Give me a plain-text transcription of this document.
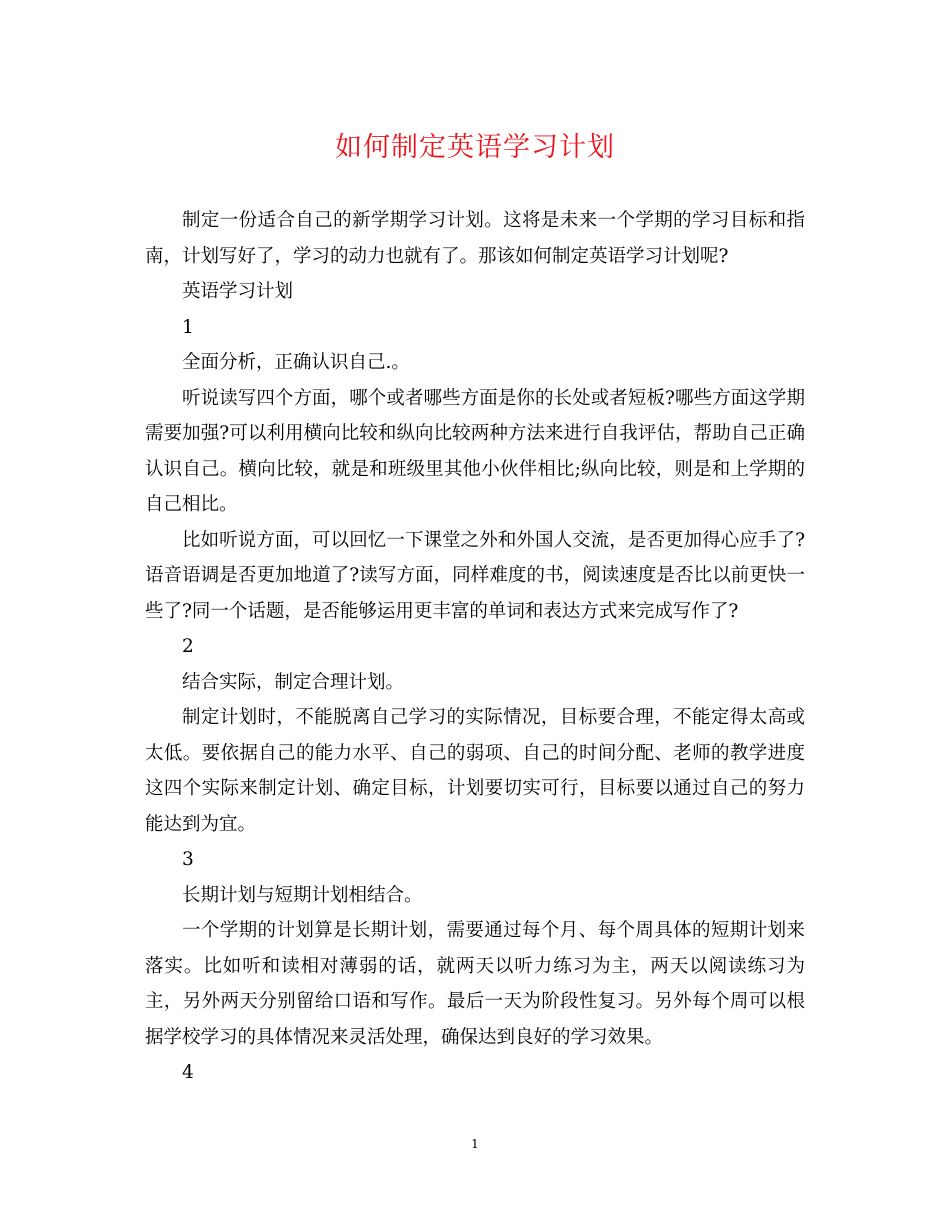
如何制定英语学习计划

制定一份适合自己的新学期学习计划。这将是未来一个学期的学习目标和指南，计划写好了，学习的动力也就有了。那该如何制定英语学习计划呢?

英语学习计划

1

全面分析，正确认识自己.。

听说读写四个方面，哪个或者哪些方面是你的长处或者短板?哪些方面这学期需要加强?可以利用横向比较和纵向比较两种方法来进行自我评估，帮助自己正确认识自己。横向比较，就是和班级里其他小伙伴相比;纵向比较，则是和上学期的自己相比。

比如听说方面，可以回忆一下课堂之外和外国人交流，是否更加得心应手了?语音语调是否更加地道了?读写方面，同样难度的书，阅读速度是否比以前更快一些了?同一个话题，是否能够运用更丰富的单词和表达方式来完成写作了?

2

结合实际，制定合理计划。

制定计划时，不能脱离自己学习的实际情况，目标要合理，不能定得太高或太低。要依据自己的能力水平、自己的弱项、自己的时间分配、老师的教学进度这四个实际来制定计划、确定目标，计划要切实可行，目标要以通过自己的努力能达到为宜。

3

长期计划与短期计划相结合。

一个学期的计划算是长期计划，需要通过每个月、每个周具体的短期计划来落实。比如听和读相对薄弱的话，就两天以听力练习为主，两天以阅读练习为主，另外两天分别留给口语和写作。最后一天为阶段性复习。另外每个周可以根据学校学习的具体情况来灵活处理，确保达到良好的学习效果。

4

1
